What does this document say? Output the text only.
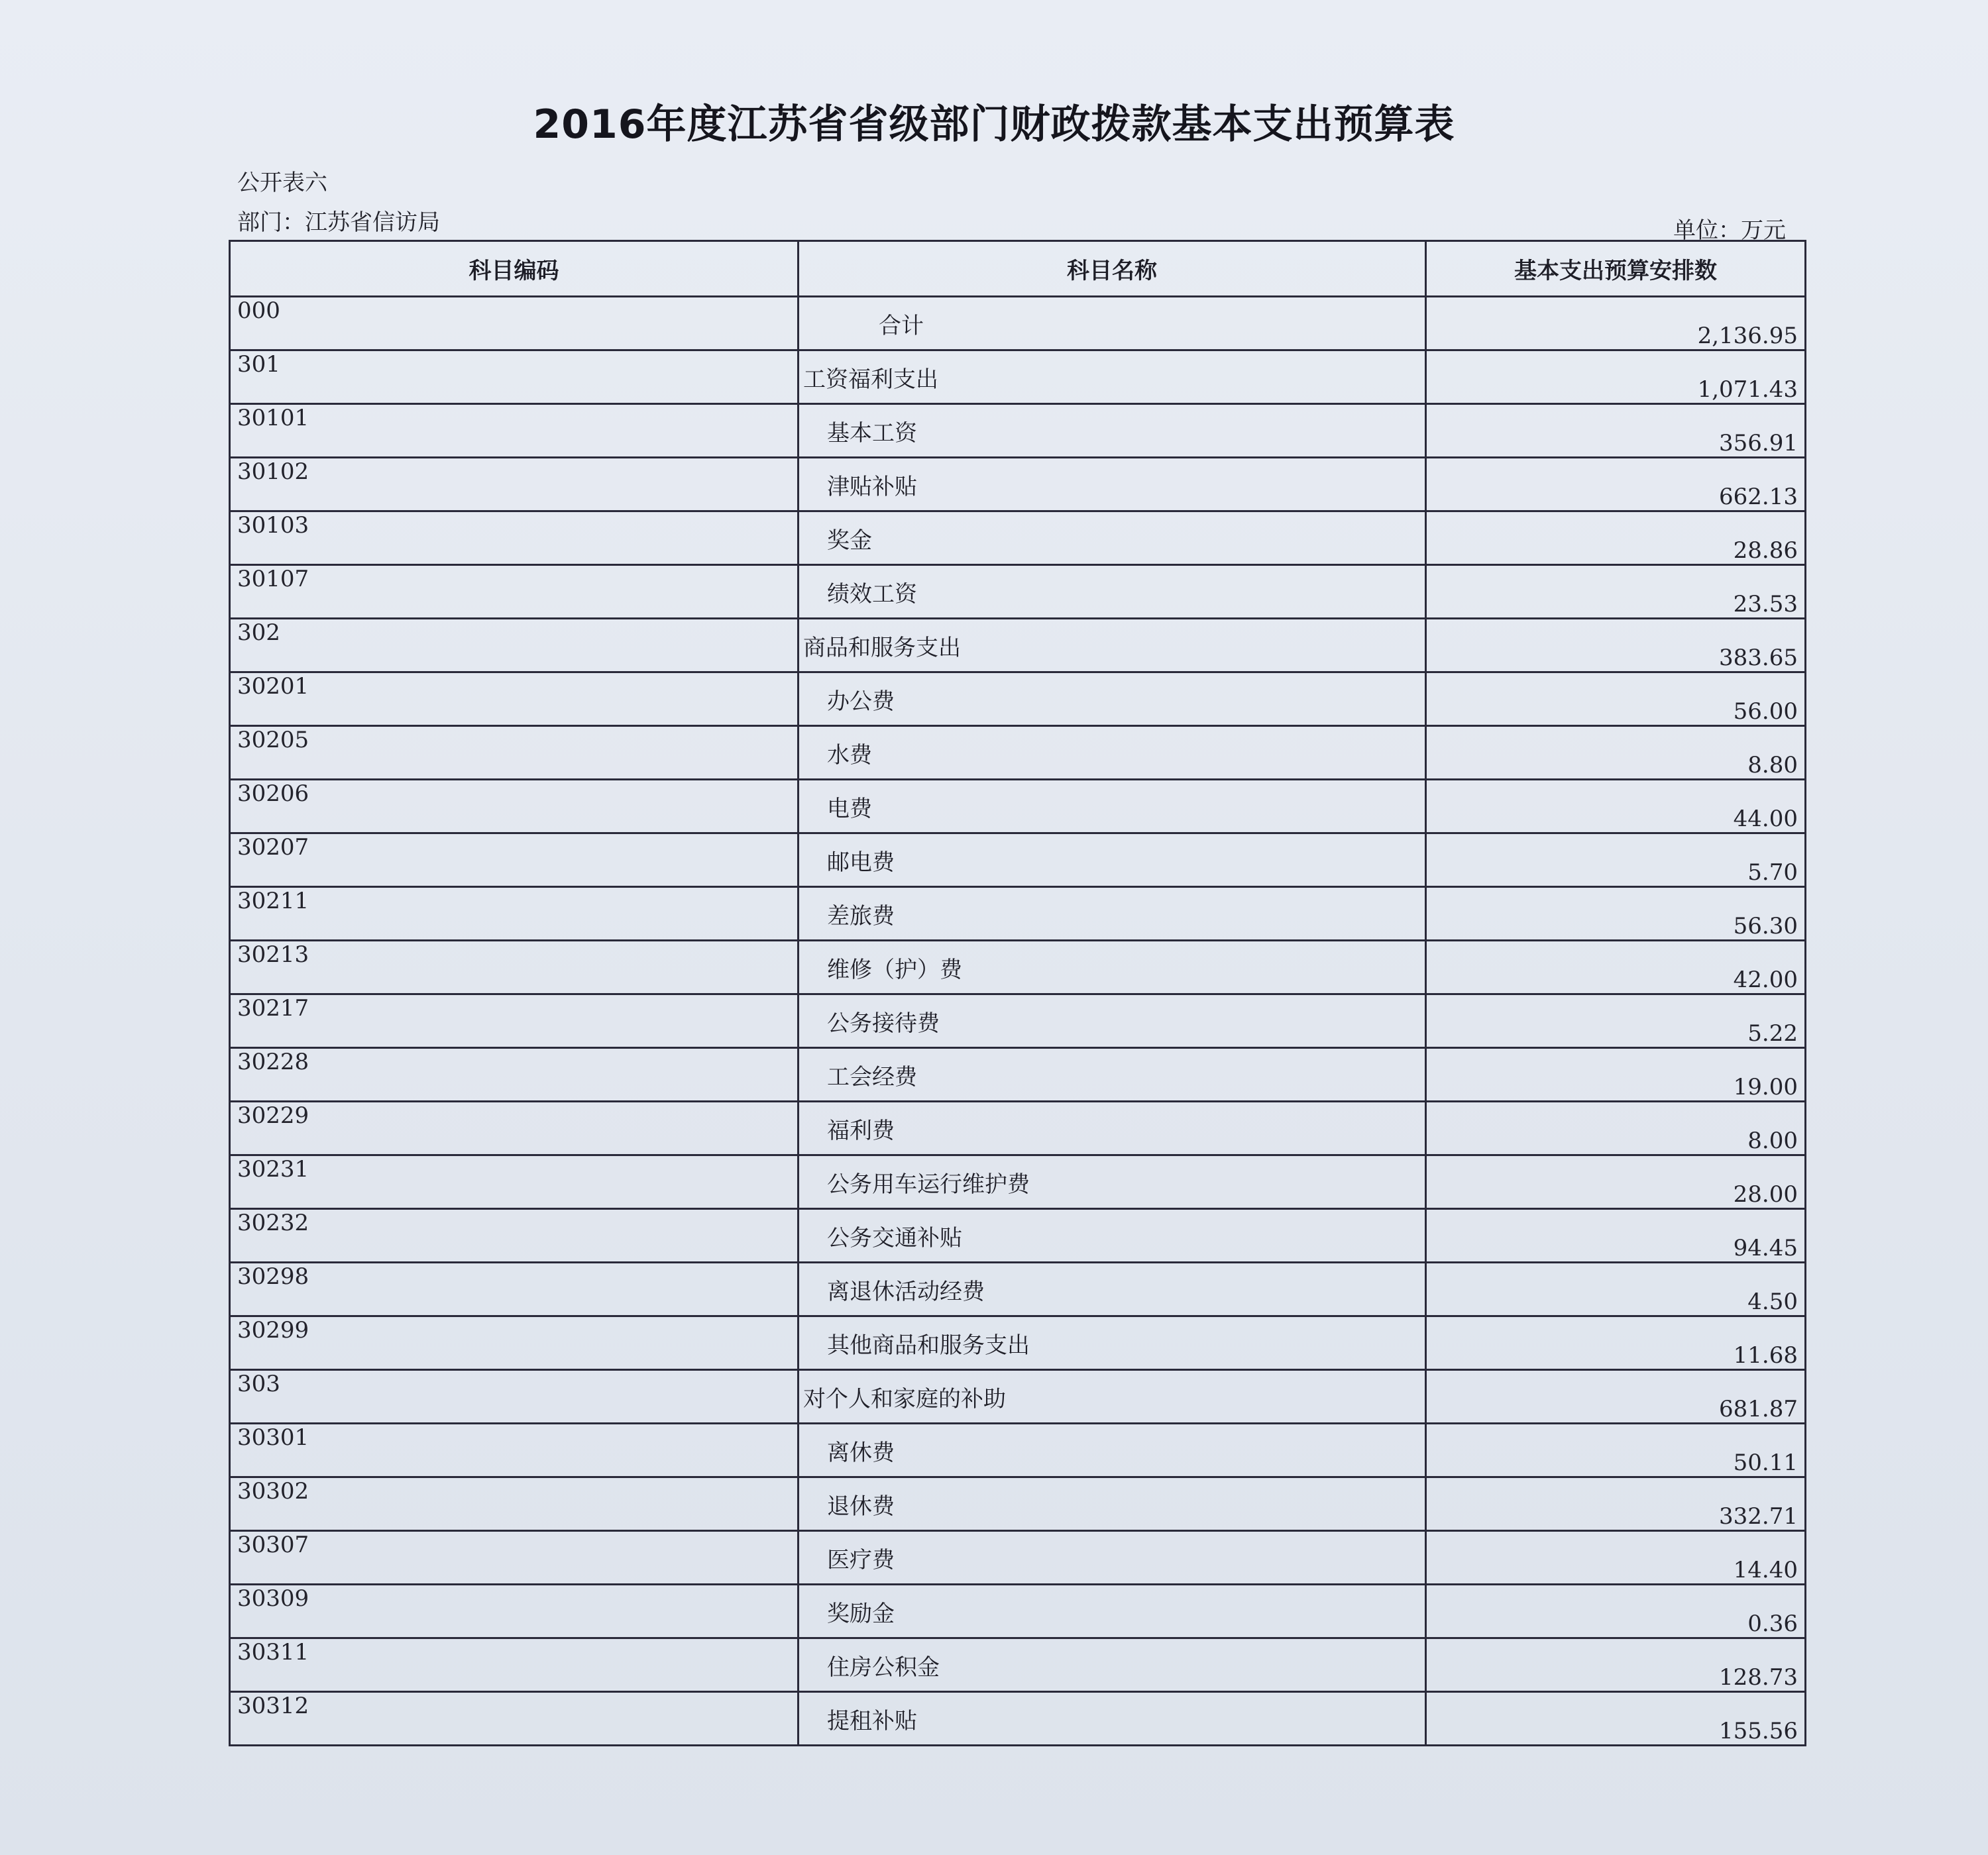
2016年度江苏省省级部门财政拨款基本支出预算表
公开表六
部门：江苏省信访局	单位：万元
科目编码	科目名称	基本支出预算安排数
000	合计	2,136.95
301	工资福利支出	1,071.43
30101	基本工资	356.91
30102	津贴补贴	662.13
30103	奖金	28.86
30107	绩效工资	23.53
302	商品和服务支出	383.65
30201	办公费	56.00
30205	水费	8.80
30206	电费	44.00
30207	邮电费	5.70
30211	差旅费	56.30
30213	维修（护）费	42.00
30217	公务接待费	5.22
30228	工会经费	19.00
30229	福利费	8.00
30231	公务用车运行维护费	28.00
30232	公务交通补贴	94.45
30298	离退休活动经费	4.50
30299	其他商品和服务支出	11.68
303	对个人和家庭的补助	681.87
30301	离休费	50.11
30302	退休费	332.71
30307	医疗费	14.40
30309	奖励金	0.36
30311	住房公积金	128.73
30312	提租补贴	155.56
